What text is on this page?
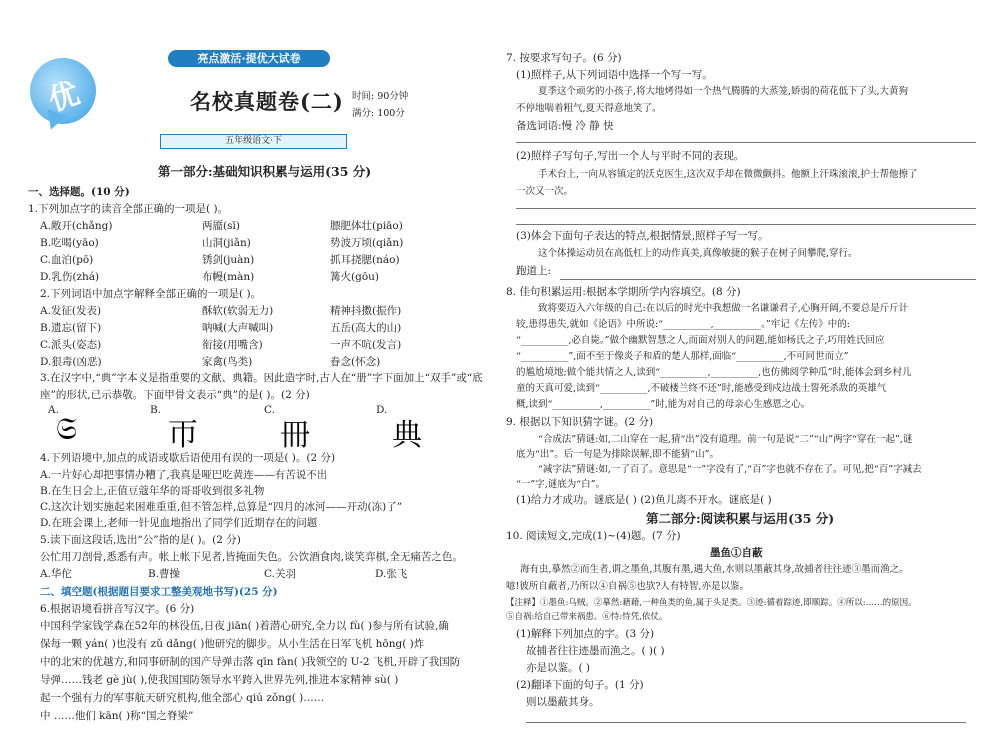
亮点激活·提优大试卷
优	名校真题卷(二) 时间: 90分钟
满分: 100分
五年级语文·下
第一部分:基础知识积累与运用(35 分)
一、选择题。(10 分)
1.下列加点字的读音全部正确的一项是( )。
A.敞开(chǎng)	两靥(sī)	膘肥体壮(piāo)
B.吃喝(yāo)	山洞(jiǎn)	势波万顷(qiǎn)
C.血泊(pō)	锈剑(juàn)	抓耳挠腮(náo)
D.乳伤(zhá)	布幔(màn)	篝火(gōu)
2.下列词语中加点字解释全部正确的一项是( )。
A.发征(发表)	酥软(软弱无力)	精神抖擞(振作)
B.遗忘(留下)	呐喊(大声喊叫)	五岳(高大的山)
C.派头(姿态)	衔接(用嘴含)	一声不吭(发言)
D.狠毒(凶恶)	家禽(鸟类)	眷念(怀念)
3.在汉字中,“典”字本义是指重要的文献、典籍。因此造字时,古人在“册”字下面加上“双手”或“底
座”的形状,已示恭敬。下面甲骨文表示“典”的是( )。(2 分)
A.	B.	C.	D.
𝔖	帀	冊	典
4.下列语境中,加点的成语或歇后语使用有误的一项是( )。(2 分)
A.一片好心却把事情办糟了,我真是哑巴吃黄连——有苦说不出
B.在生日会上,正值豆蔻年华的哥哥收到很多礼物
C.这次计划实施起来困难重重,但不管怎样,总算是“四月的冰河——开动(冻)了”
D.在班会课上,老师一针见血地指出了同学们近期存在的问题
5.读下面这段话,选出“公”指的是( )。(2 分)
公忙用刀剖骨,悉悉有声。帐上帐下见者,皆掩面失色。公饮酒食肉,谈笑弈棋,全无痛苦之色。
A.华佗	B.曹操	C.关羽	D.张飞
二、填空题(根据题目要求工整美观地书写)(25 分)
6.根据语境看拼音写汉字。(6 分)
中国科学家钱学森在52年的林役伍,日夜 jiān( )着潜心研究,全力以 fù( )参与所有试验,确
保每一颗 yán( )也没有 zǔ dǎng( )他研究的脚步。从小生活在日军飞机 hōng( )炸
中的北宋的优越方,和同事研制的国产导弹击落 qīn fàn( )我领空的 U-2 飞机,开辟了我国防
导弹……钱老 gè jù( ),使我国国防领导水平跨入世界先列,推进本家精神 sù( )
起一个强有力的军事航天研究机构,他全部心 qiú zǒng( )……
中 ……他们 kān( )称“国之脊梁”
7. 按要求写句子。(6 分)
(1)照样子,从下列词语中选择一个写一写。
夏季这个顽劣的小孩子,将大地烤得如一个热气腾腾的大蒸笼,娇弱的荷花低下了头,大黄狗
不停地喘着粗气,夏天得意地笑了。
备选词语:慢 冷 静 快
(2)照样子写句子,写出一个人与平时不同的表现。
手术台上,一向从容镇定的沃克医生,这次双手却在微微颤抖。他额上汗珠滚滚,护士帮他擦了
一次又一次。
(3)体会下面句子表达的特点,根据情景,照样子写一写。
这个体操运动员在高低杠上的动作真美,真像敏捷的猴子在树子间攀爬,穿行。
跑道上:
8. 佳句积累运用:根据本学期所学内容填空。(8 分)
致将要迈入六年级的自己:在以后的时光中我想做一名谦谦君子,心胸开阔,不要总是斤斤计
较,患得患失,就如《论语》中所说:“__________,__________。”牢记《左传》中的:
“__________,必自毙。”做个幽默智慧之人,而面对别人的问题,能如杨氏之子,巧用姓氏回应
“__________”,面不至于像炎子和盾的楚人那样,面临“__________,不可同世而立”
的尴尬境地;做个能共情之人,读到“__________,__________,也仿佛阅学种瓜”时,能体会到乡村儿
童的天真可爱,读到“__________,不破楼兰终不还”时,能感受到戍边战士誓死杀敌的英雄气
概,读到“__________,__________”时,能为对自己的母亲心生感恩之心。
9. 根据以下知识猜字谜。(2 分)
“合成法”猜谜:如,二山穿在一起,猜“出”没有道理。前一句是说“二”“山”两字“穿在一起”,谜
底为“出”。后一句是为排除误解,即不能猜“山”。
“减字法”猜谜:如,一了百了。意思是“一”字没有了,“百”字也就不存在了。可见,把“百”字减去
“一”字,谜底为“白”。
(1)给力才成功。谜底是( ) (2)鱼儿离不开水。谜底是( )
第二部分:阅读积累与运用(35 分)
10. 阅读短文,完成(1)~(4)题。(7 分)
墨鱼①自蔽
海有虫,摹然②而生者,谓之墨鱼,其腹有墨,遇大鱼,水则以墨蔽其身,故捕者往往迹③墨而渔之。
噫!彼所自蔽者,乃所以④自祸⑤也欤?人有特智,亦是以鉴。
【注释】①墨鱼:乌贼。②摹然:藉藉,一种鱼类的鱼,属于头足类。③迹:循着踪迹,即顺踪。④所以:……的原因。
⑤自祸:给自己带来祸患。⑥恃:恃凭,依仗。
(1)解释下列加点的字。(3 分)
故捕者往往迹墨而渔之。( )( )
亦是以鉴。( )
(2)翻译下面的句子。(1 分)
则以墨蔽其身。
